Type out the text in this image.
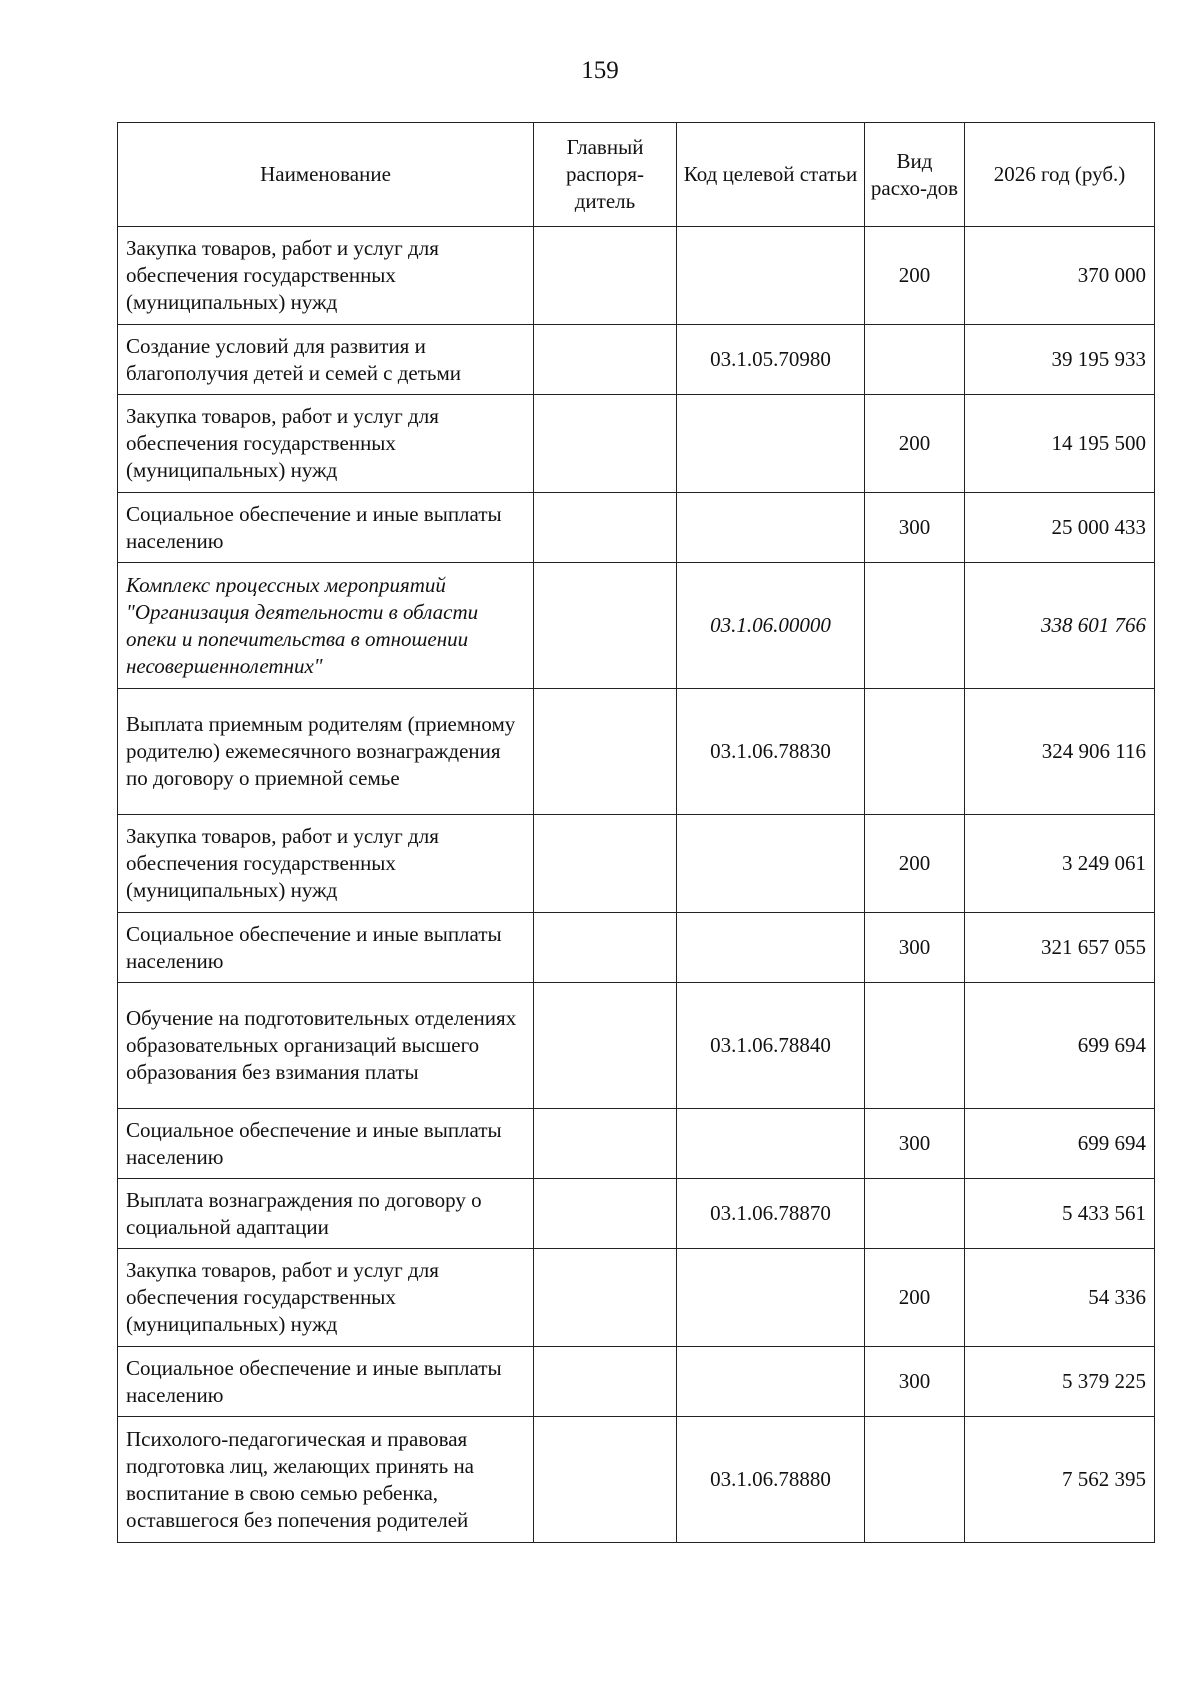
159
Наименование	Главный распоря-дитель	Код целевой статьи	Вид расхо-дов	2026 год (руб.)
Закупка товаров, работ и услуг для обеспечения государственных (муниципальных) нужд			200	370 000
Создание условий для развития и благополучия детей и семей с детьми		03.1.05.70980		39 195 933
Закупка товаров, работ и услуг для обеспечения государственных (муниципальных) нужд			200	14 195 500
Социальное обеспечение и иные выплаты населению			300	25 000 433
Комплекс процессных мероприятий "Организация деятельности в области опеки и попечительства в отношении несовершеннолетних"		03.1.06.00000		338 601 766
Выплата приемным родителям (приемному родителю) ежемесячного вознаграждения по договору о приемной семье		03.1.06.78830		324 906 116
Закупка товаров, работ и услуг для обеспечения государственных (муниципальных) нужд			200	3 249 061
Социальное обеспечение и иные выплаты населению			300	321 657 055
Обучение на подготовительных отделениях образовательных организаций высшего образования без взимания платы		03.1.06.78840		699 694
Социальное обеспечение и иные выплаты населению			300	699 694
Выплата вознаграждения по договору о социальной адаптации		03.1.06.78870		5 433 561
Закупка товаров, работ и услуг для обеспечения государственных (муниципальных) нужд			200	54 336
Социальное обеспечение и иные выплаты населению			300	5 379 225
Психолого-педагогическая и правовая подготовка лиц, желающих принять на воспитание в свою семью ребенка, оставшегося без попечения родителей		03.1.06.78880		7 562 395
